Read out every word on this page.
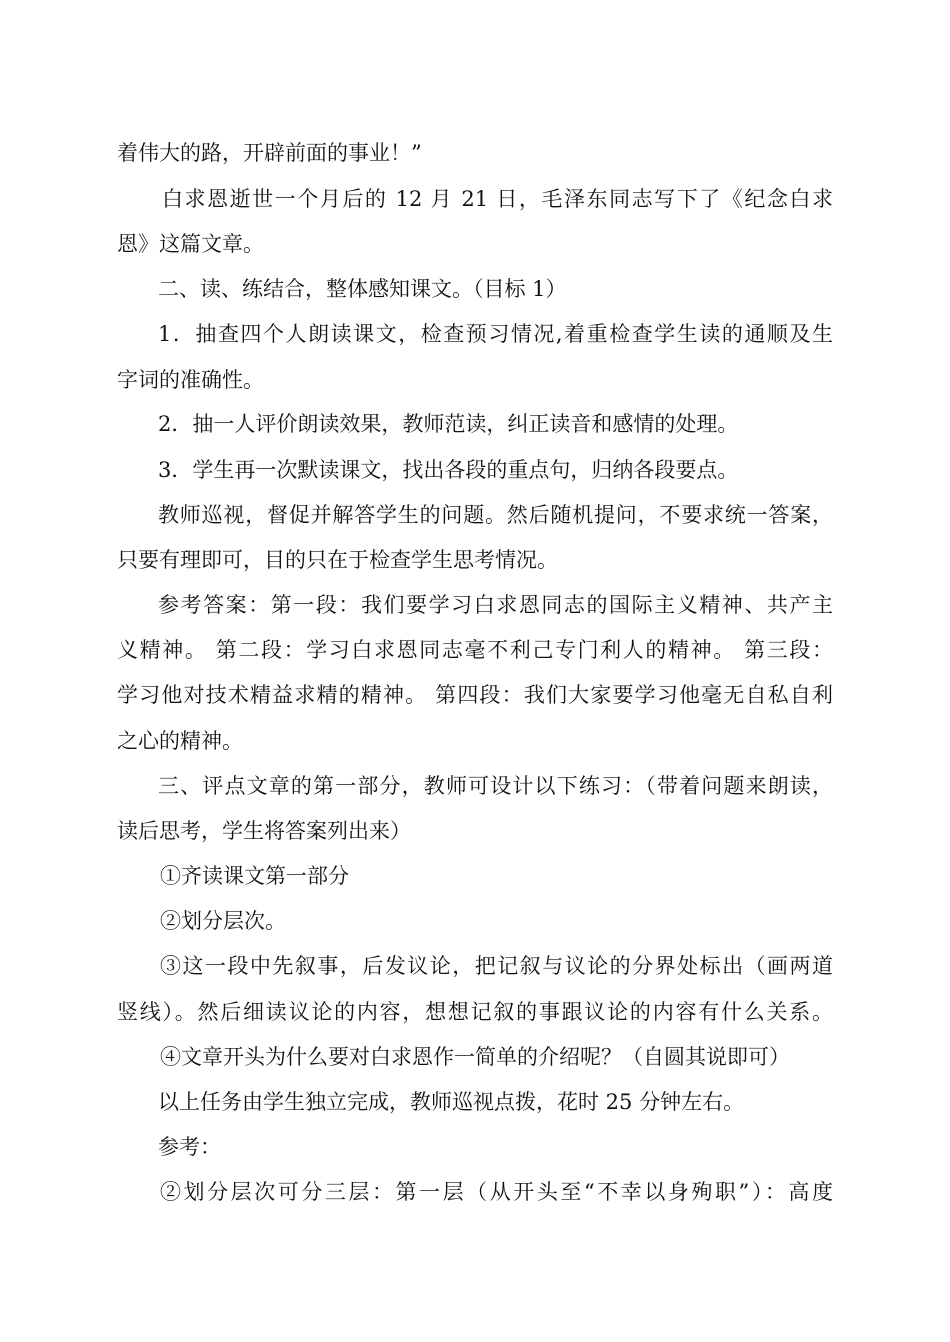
着伟大的路，开辟前面的事业！”
白求恩逝世一个月后的 12 月 21 日，毛泽东同志写下了《纪念白求
恩》这篇文章。
二、读、练结合，整体感知课文。（目标 1）
1．抽查四个人朗读课文，检查预习情况,着重检查学生读的通顺及生
字词的准确性。
2．抽一人评价朗读效果，教师范读，纠正读音和感情的处理。
3．学生再一次默读课文，找出各段的重点句，归纳各段要点。
教师巡视，督促并解答学生的问题。然后随机提问，不要求统一答案，
只要有理即可，目的只在于检查学生思考情况。
参考答案：第一段：我们要学习白求恩同志的国际主义精神、共产主
义精神。 第二段：学习白求恩同志毫不利己专门利人的精神。 第三段：
学习他对技术精益求精的精神。 第四段：我们大家要学习他毫无自私自利
之心的精神。
三、评点文章的第一部分，教师可设计以下练习：（带着问题来朗读，
读后思考，学生将答案列出来）
①齐读课文第一部分
②划分层次。
③这一段中先叙事，后发议论，把记叙与议论的分界处标出（画两道
竖线）。然后细读议论的内容，想想记叙的事跟议论的内容有什么关系。
④文章开头为什么要对白求恩作一简单的介绍呢？（自圆其说即可）
以上任务由学生独立完成，教师巡视点拨，花时 25 分钟左右。
参考：
②划分层次可分三层：第一层（从开头至“不幸以身殉职”）：高度
